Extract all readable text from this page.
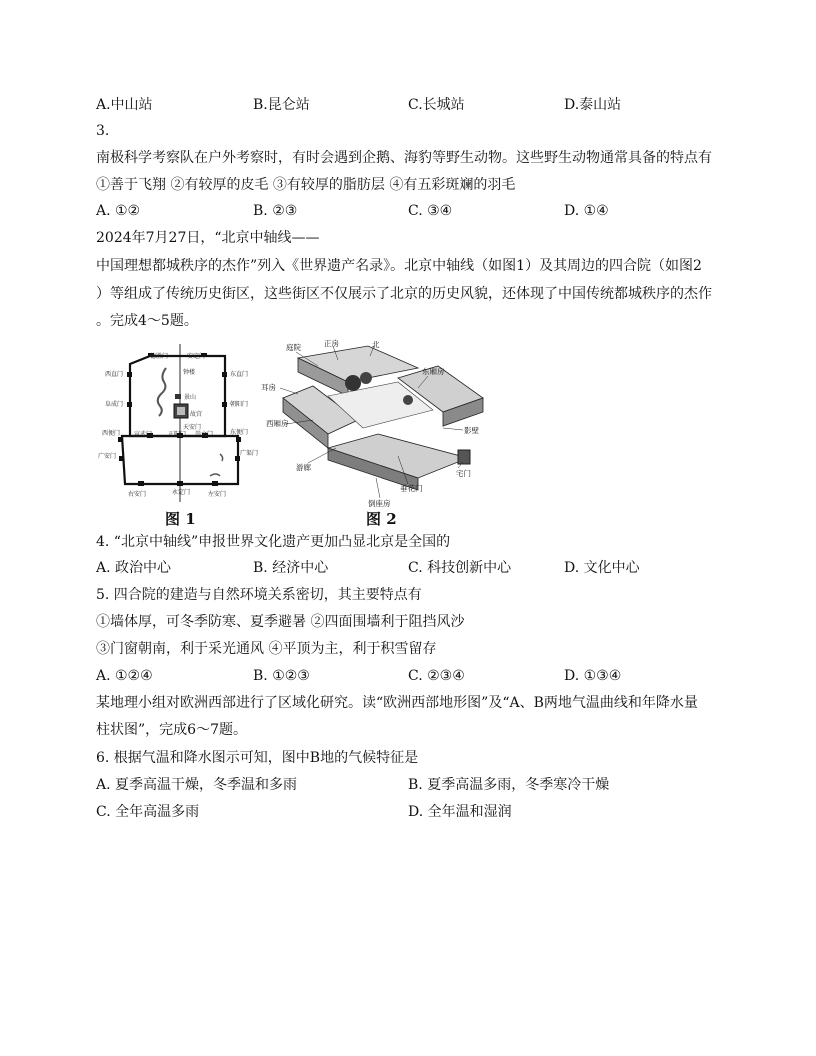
A.中山站	B.昆仑站	C.长城站	D.泰山站
3.
南极科学考察队在户外考察时，有时会遇到企鹅、海豹等野生动物。这些野生动物通常具备的特点有
①善于飞翔 ②有较厚的皮毛 ③有较厚的脂肪层 ④有五彩斑斓的羽毛
A. ①②	B. ②③	C. ③④	D. ①④
2024年7月27日，“北京中轴线——
中国理想都城秩序的杰作”列入《世界遗产名录》。北京中轴线（如图1）及其周边的四合院（如图2
）等组成了传统历史街区，这些街区不仅展示了北京的历史风貌，还体现了中国传统都城秩序的杰作
。完成4～5题。
德胜门	安定门
西直门	东直门
钟楼
阜成门	朝阳门
景山
故宫
天安门
宣武门	正阳门 崇文门
西便门	东便门
广安门	广渠门
右安门	永定门	左安门
图 1
庭院	正房	北
耳房
东厢房
西厢房
影壁
游廊
垂花门
宅门
倒座房
图 2
4. “北京中轴线”申报世界文化遗产更加凸显北京是全国的
A. 政治中心	B. 经济中心	C. 科技创新中心	D. 文化中心
5. 四合院的建造与自然环境关系密切，其主要特点有
①墙体厚，可冬季防寒、夏季避暑 ②四面围墙利于阻挡风沙
③门窗朝南，利于采光通风 ④平顶为主，利于积雪留存
A. ①②④	B. ①②③	C. ②③④	D. ①③④
某地理小组对欧洲西部进行了区域化研究。读“欧洲西部地形图”及“A、B两地气温曲线和年降水量
柱状图”，完成6～7题。
6. 根据气温和降水图示可知，图中B地的气候特征是
A. 夏季高温干燥，冬季温和多雨	B. 夏季高温多雨，冬季寒冷干燥
C. 全年高温多雨	D. 全年温和湿润
